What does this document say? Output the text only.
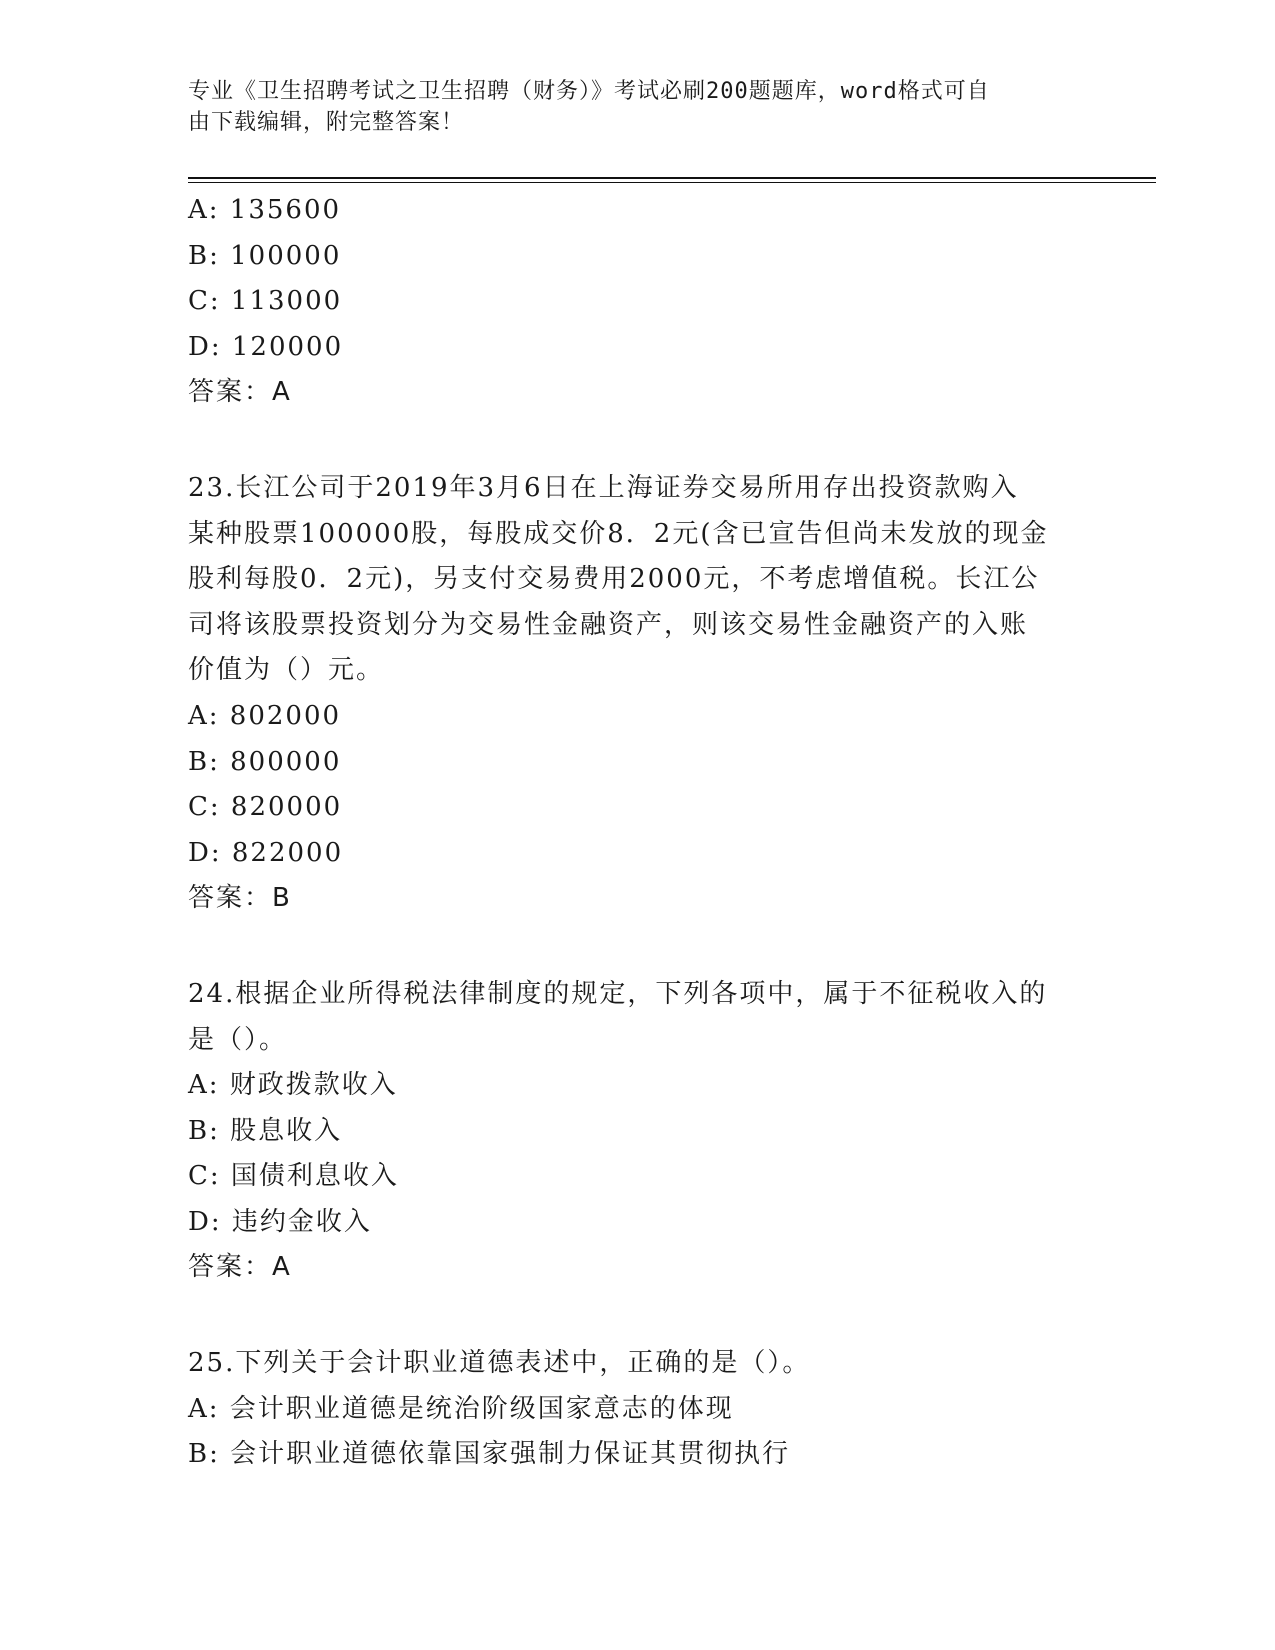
专业《卫生招聘考试之卫生招聘（财务）》考试必刷200题题库，word格式可自
由下载编辑，附完整答案！
A: 135600
B: 100000
C: 113000
D: 120000
答案：A
23.长江公司于2019年3月6日在上海证券交易所用存出投资款购入
某种股票100000股，每股成交价8．2元(含已宣告但尚未发放的现金
股利每股0．2元)，另支付交易费用2000元，不考虑增值税。长江公
司将该股票投资划分为交易性金融资产，则该交易性金融资产的入账
价值为（）元。
A: 802000
B: 800000
C: 820000
D: 822000
答案：B
24.根据企业所得税法律制度的规定，下列各项中，属于不征税收入的
是（）。
A: 财政拨款收入
B: 股息收入
C: 国债利息收入
D: 违约金收入
答案：A
25.下列关于会计职业道德表述中，正确的是（）。
A: 会计职业道德是统治阶级国家意志的体现
B: 会计职业道德依靠国家强制力保证其贯彻执行
